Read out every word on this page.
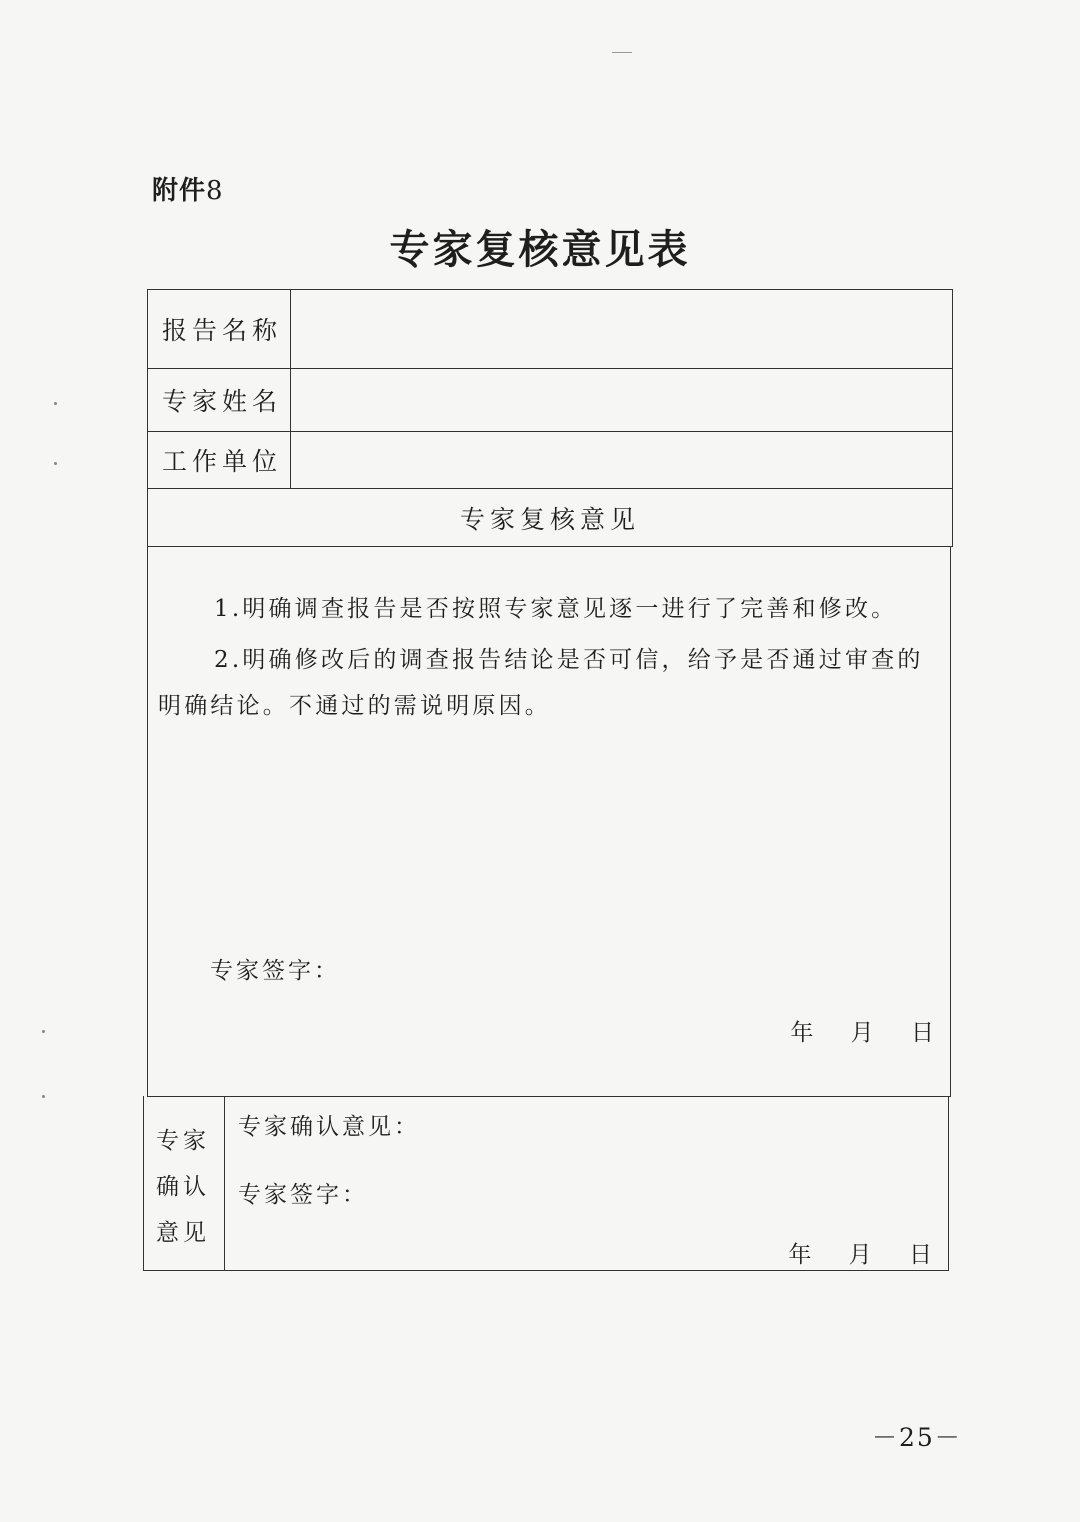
附件8
专家复核意见表
报告名称
专家姓名
工作单位
专家复核意见
1.明确调查报告是否按照专家意见逐一进行了完善和修改。
2.明确修改后的调查报告结论是否可信，给予是否通过审查的明确结论。不通过的需说明原因。
专家签字：
年 月 日
专家
确认
意见
专家确认意见：
专家签字：
年 月 日
－25－
